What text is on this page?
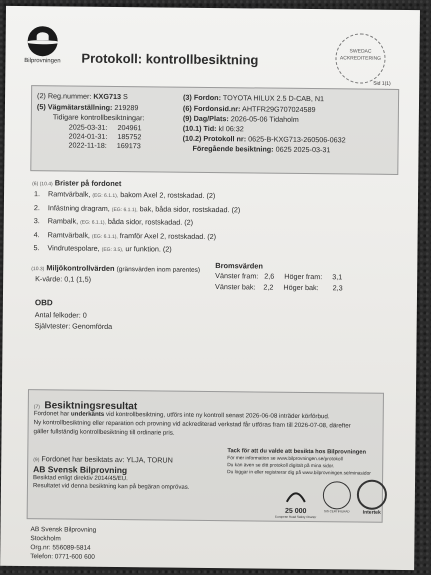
Bilprovningen Protokoll: kontrollbesiktning	SWEDAC ACKREDITERING
Sid 1(1)
(2) Reg.nummer: KXG713 S
(5) Vägmätarställning: 219289
Tidigare kontrollbesiktningar:
2025-03-31: 204961
2024-01-31: 185752
2022-11-18: 169173
(3) Fordon: TOYOTA HILUX 2.5 D-CAB, N1
(6) Fordonsid.nr: AHTFR29G707024589
(9) Dag/Plats: 2026-05-06 Tidaholm
(10.1) Tid: kl 06:32
(10.2) Protokoll nr: 0625-B-KXG713-260506-0632
Föregående besiktning: 0625 2025-03-31
(6) (10.4) Brister på fordonet
1. Ramtvärbalk, (EG: 6.1.1), bakom Axel 2, rostskadad. (2)
2. Infästning dragram, (EG: 6.1.1), bak, båda sidor, rostskadad. (2)
3. Rambalk, (EG: 6.1.1), båda sidor, rostskadad. (2)
4. Ramtvärbalk, (EG: 6.1.1), framför Axel 2, rostskadad. (2)
5. Vindrutespolare, (EG: 3.5), ur funktion. (2)
(10.3) Miljökontrollvärden (gränsvärden inom parentes)
K-värde: 0,1 (1,5)
Bromsvärden
Vänster fram: 2,6 Höger fram: 3,1
Vänster bak: 2,2 Höger bak: 2,3
OBD
Antal felkoder: 0
Självtester: Genomförda
(7) Besiktningsresultat
Fordonet har underkänts vid kontrollbesiktning, utförs inte ny kontroll senast 2026-06-08 inträder körförbud.
Ny kontrollbesiktning eller reparation och provning vid ackrediterad verkstad får utföras fram till 2026-07-08, därefter
gäller fullständig kontrollbesiktning till ordinarie pris.
(9) Fordonet har besiktats av: YLJA, TORUN
AB Svensk Bilprovning
Besiktad enligt direktiv 2014/45/EU.
Resultatet vid denna besiktning kan på begäran omprövas.
Tack för att du valde att besikta hos Bilprovningen
För mer information se www.bilprovningen.se/protokoll
Du kan även se ditt protokoll digitalt på mina sidor.
Du loggar in eller registrerar dig på www.bilprovningen.se/minasidor
25 000
European Road Safety Charter
SIS CERTIFIERAD	Intertek
AB Svensk Bilprovning
Stockholm
Org.nr: 556089-5814
Telefon: 0771-600 600
